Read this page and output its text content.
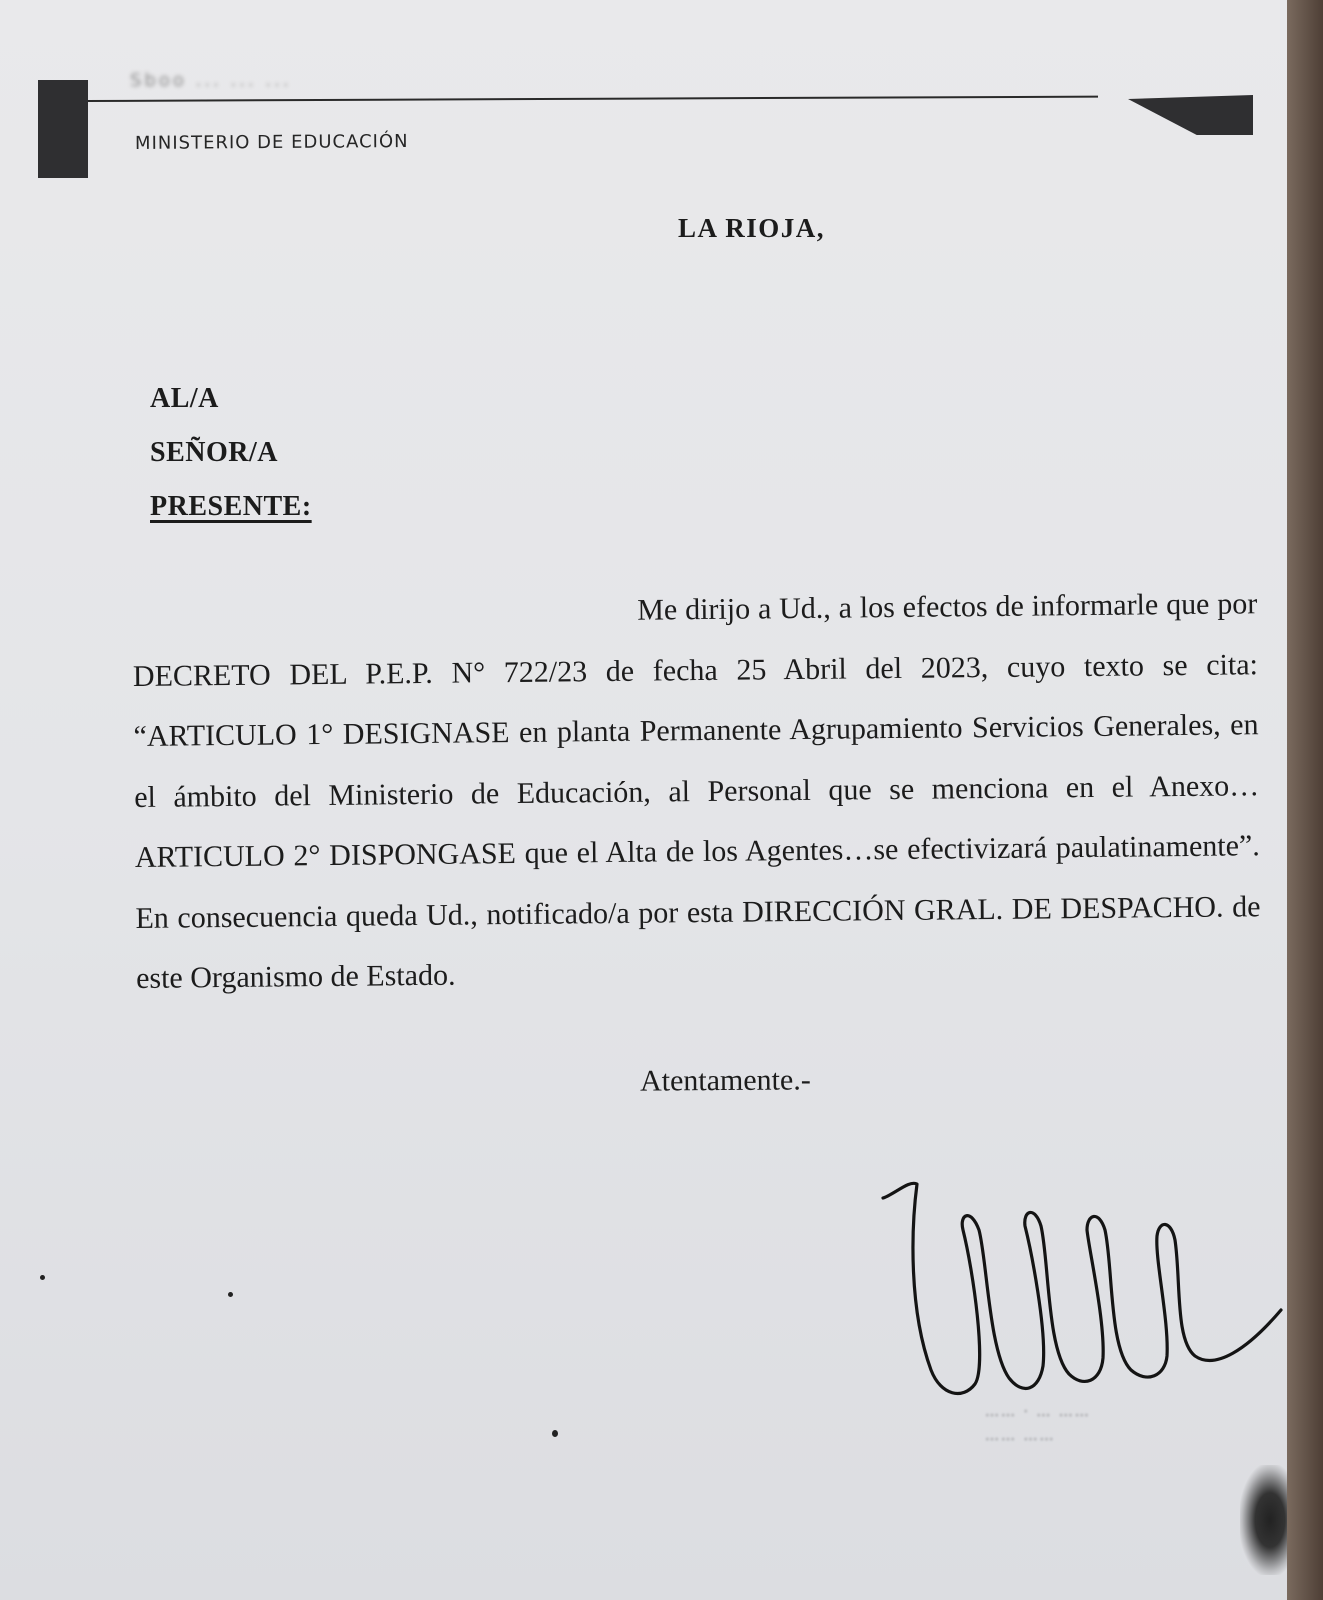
Sboo ... ... ...
MINISTERIO DE EDUCACIÓN
LA RIOJA,
AL/A
SEÑOR/A
PRESENTE:
Me dirijo a Ud., a los efectos de informarle que por DECRETO DEL P.E.P. N° 722/23 de fecha 25 Abril del 2023, cuyo texto se cita: “ARTICULO 1° DESIGNASE en planta Permanente Agrupamiento Servicios Generales, en el ámbito del Ministerio de Educación, al Personal que se menciona en el Anexo…ARTICULO 2° DISPONGASE que el Alta de los Agentes…se efectivizará paulatinamente”. En consecuencia queda Ud., notificado/a por esta DIRECCIÓN GRAL. DE DESPACHO. de este Organismo de Estado.
Atentamente.-
…… · … ……
…… ……
